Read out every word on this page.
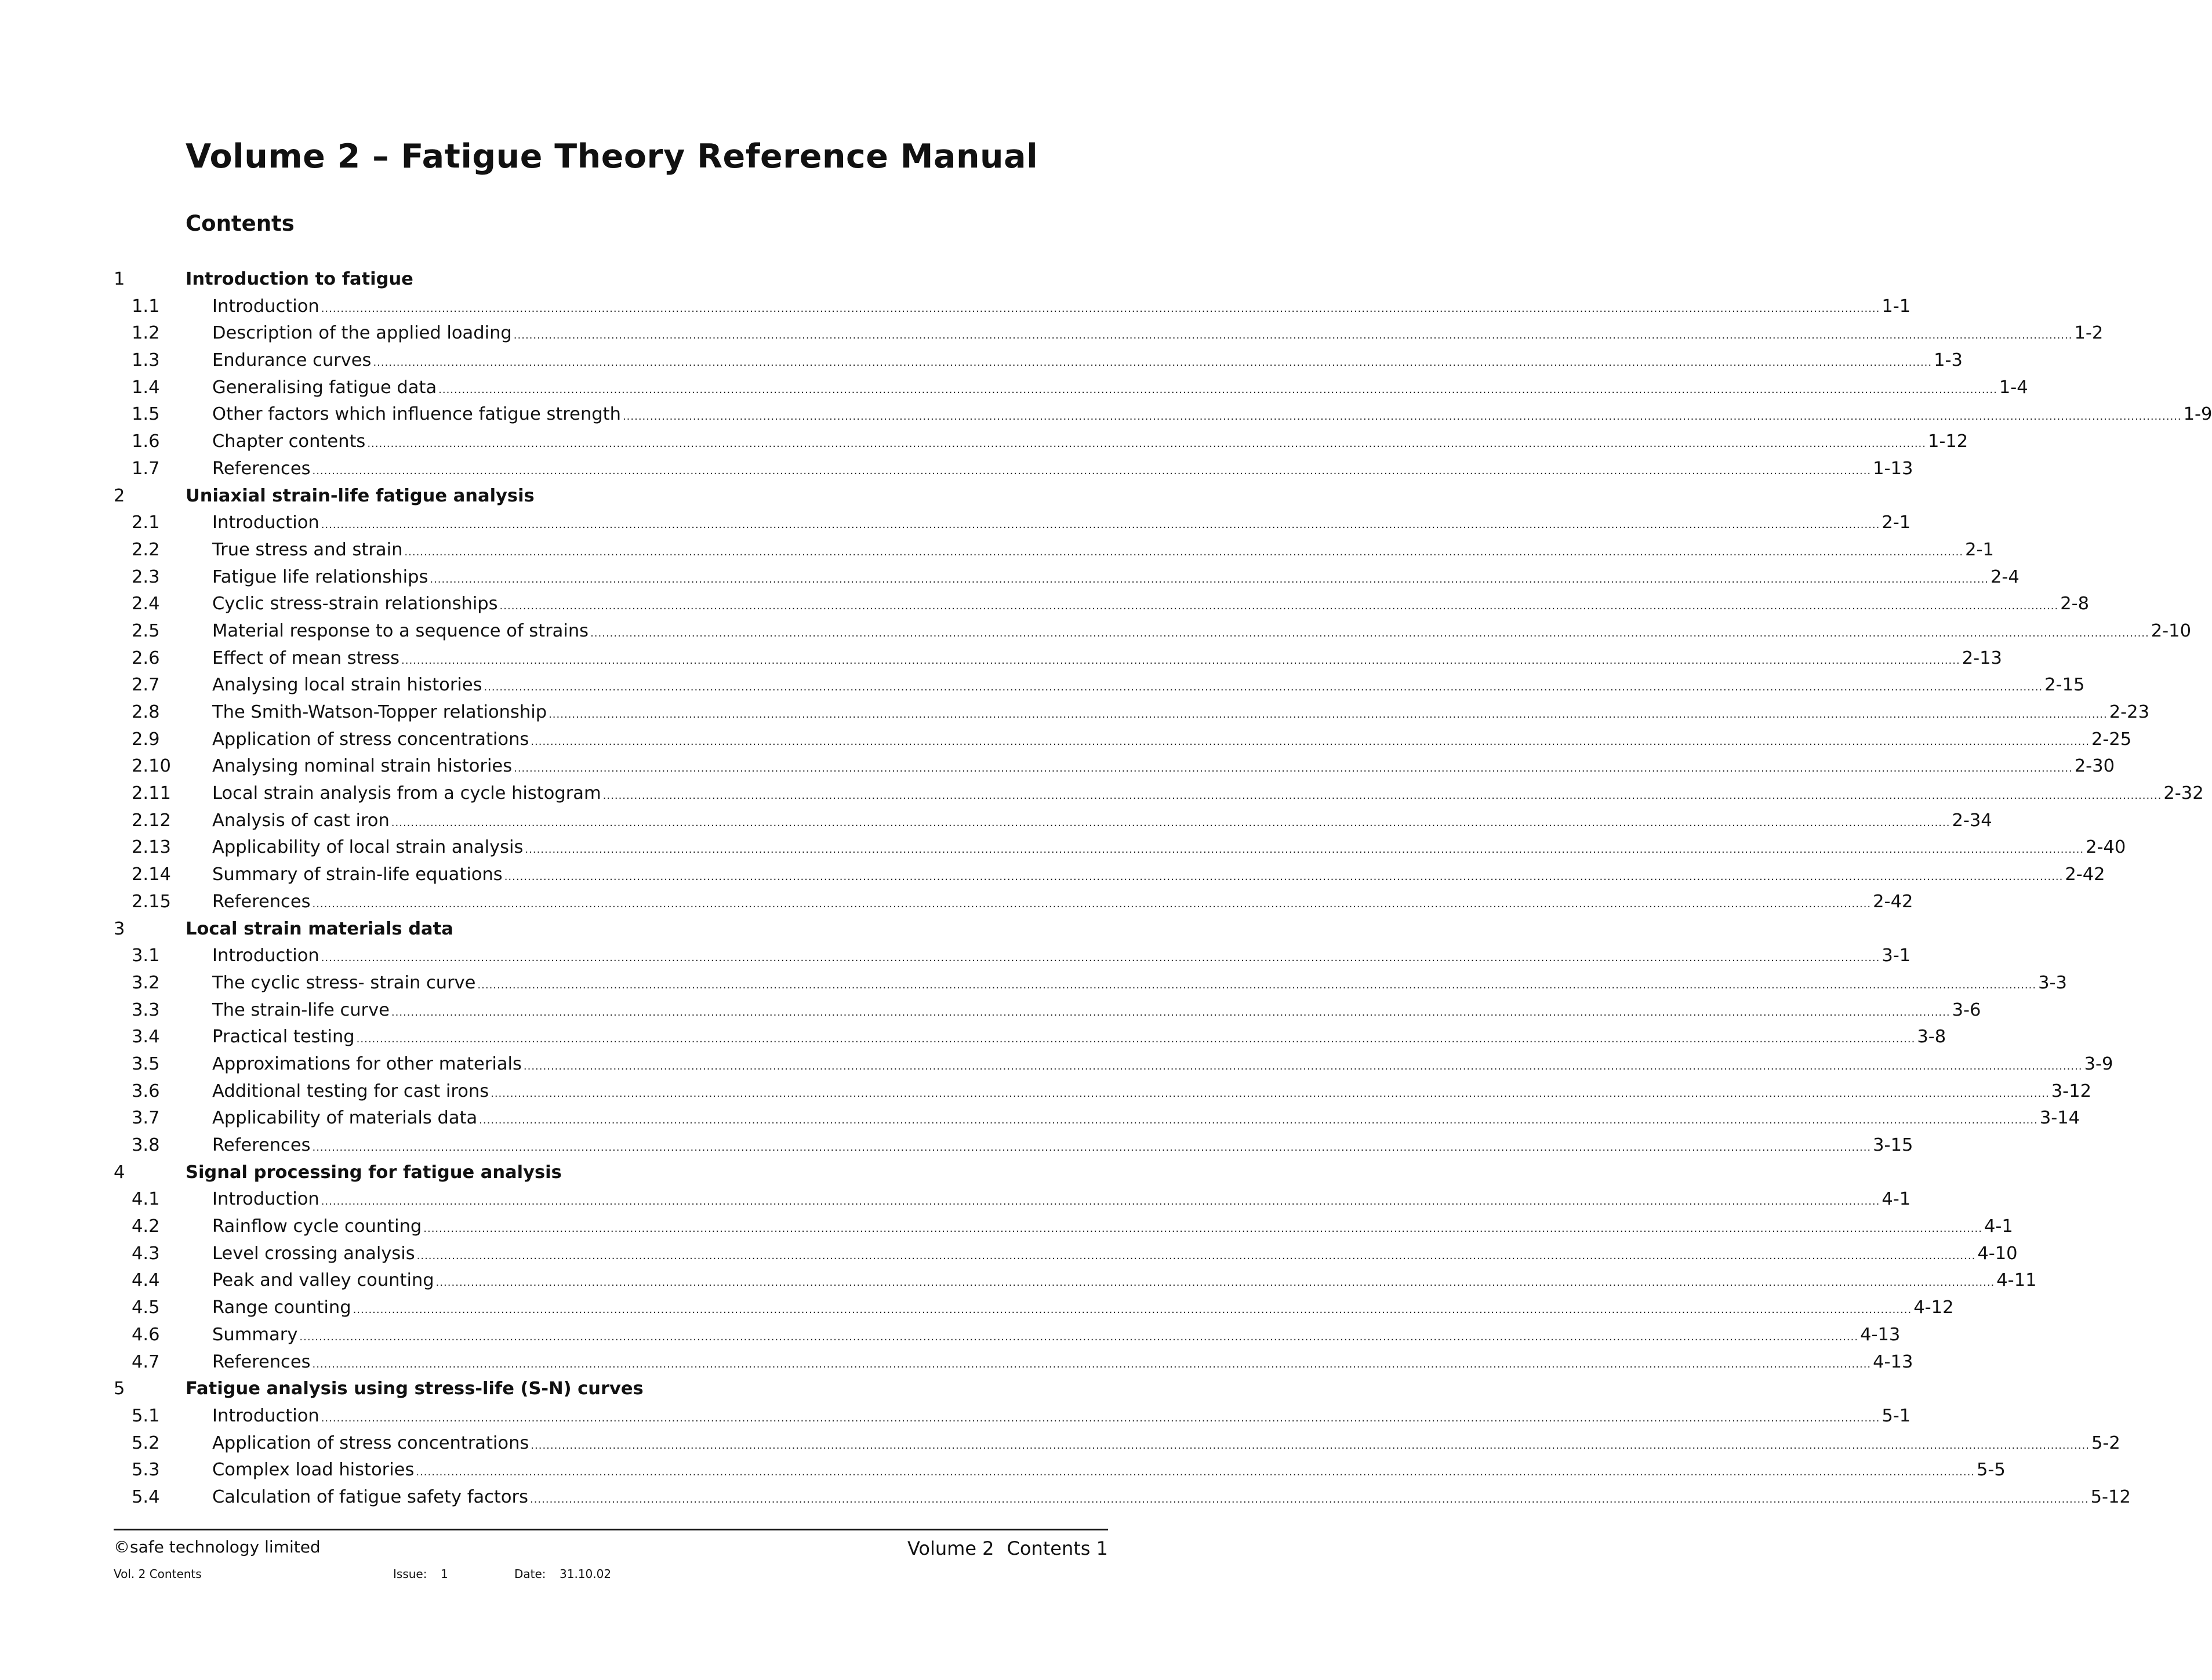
Volume 2 – Fatigue Theory Reference Manual
Contents
1	Introduction to fatigue
1.1	Introduction ................................................................................................................................................................................................................................................................................................................................................................................................................ 1-1
1.2	Description of the applied loading ................................................................................................................................................................................................................................................................................................................................................................................................................ 1-2
1.3	Endurance curves ................................................................................................................................................................................................................................................................................................................................................................................................................ 1-3
1.4	Generalising fatigue data ................................................................................................................................................................................................................................................................................................................................................................................................................ 1-4
1.5	Other factors which influence fatigue strength ................................................................................................................................................................................................................................................................................................................................................................................................................ 1-9
1.6	Chapter contents ................................................................................................................................................................................................................................................................................................................................................................................................................ 1-12
1.7	References ................................................................................................................................................................................................................................................................................................................................................................................................................ 1-13
2	Uniaxial strain-life fatigue analysis
2.1	Introduction ................................................................................................................................................................................................................................................................................................................................................................................................................ 2-1
2.2	True stress and strain ................................................................................................................................................................................................................................................................................................................................................................................................................ 2-1
2.3	Fatigue life relationships ................................................................................................................................................................................................................................................................................................................................................................................................................ 2-4
2.4	Cyclic stress-strain relationships ................................................................................................................................................................................................................................................................................................................................................................................................................ 2-8
2.5	Material response to a sequence of strains ................................................................................................................................................................................................................................................................................................................................................................................................................ 2-10
2.6	Effect of mean stress ................................................................................................................................................................................................................................................................................................................................................................................................................ 2-13
2.7	Analysing local strain histories ................................................................................................................................................................................................................................................................................................................................................................................................................ 2-15
2.8	The Smith-Watson-Topper relationship ................................................................................................................................................................................................................................................................................................................................................................................................................ 2-23
2.9	Application of stress concentrations ................................................................................................................................................................................................................................................................................................................................................................................................................ 2-25
2.10 Analysing nominal strain histories ................................................................................................................................................................................................................................................................................................................................................................................................................ 2-30
2.11 Local strain analysis from a cycle histogram ................................................................................................................................................................................................................................................................................................................................................................................................................ 2-32
2.12 Analysis of cast iron ................................................................................................................................................................................................................................................................................................................................................................................................................ 2-34
2.13 Applicability of local strain analysis ................................................................................................................................................................................................................................................................................................................................................................................................................ 2-40
2.14 Summary of strain-life equations ................................................................................................................................................................................................................................................................................................................................................................................................................ 2-42
2.15 References ................................................................................................................................................................................................................................................................................................................................................................................................................ 2-42
3	Local strain materials data
3.1	Introduction ................................................................................................................................................................................................................................................................................................................................................................................................................ 3-1
3.2	The cyclic stress- strain curve ................................................................................................................................................................................................................................................................................................................................................................................................................ 3-3
3.3	The strain-life curve ................................................................................................................................................................................................................................................................................................................................................................................................................ 3-6
3.4	Practical testing ................................................................................................................................................................................................................................................................................................................................................................................................................ 3-8
3.5	Approximations for other materials ................................................................................................................................................................................................................................................................................................................................................................................................................ 3-9
3.6	Additional testing for cast irons ................................................................................................................................................................................................................................................................................................................................................................................................................ 3-12
3.7	Applicability of materials data ................................................................................................................................................................................................................................................................................................................................................................................................................ 3-14
3.8	References ................................................................................................................................................................................................................................................................................................................................................................................................................ 3-15
4	Signal processing for fatigue analysis
4.1	Introduction ................................................................................................................................................................................................................................................................................................................................................................................................................ 4-1
4.2	Rainflow cycle counting ................................................................................................................................................................................................................................................................................................................................................................................................................ 4-1
4.3	Level crossing analysis ................................................................................................................................................................................................................................................................................................................................................................................................................ 4-10
4.4	Peak and valley counting ................................................................................................................................................................................................................................................................................................................................................................................................................ 4-11
4.5	Range counting ................................................................................................................................................................................................................................................................................................................................................................................................................ 4-12
4.6	Summary ................................................................................................................................................................................................................................................................................................................................................................................................................ 4-13
4.7	References ................................................................................................................................................................................................................................................................................................................................................................................................................ 4-13
5	Fatigue analysis using stress-life (S-N) curves
5.1	Introduction ................................................................................................................................................................................................................................................................................................................................................................................................................ 5-1
5.2	Application of stress concentrations ................................................................................................................................................................................................................................................................................................................................................................................................................ 5-2
5.3	Complex load histories ................................................................................................................................................................................................................................................................................................................................................................................................................ 5-5
5.4	Calculation of fatigue safety factors ................................................................................................................................................................................................................................................................................................................................................................................................................ 5-12
©safe technology limited
Vol. 2 Contents	Issue: 1	Date: 31.10.02
Volume 2 Contents 1
